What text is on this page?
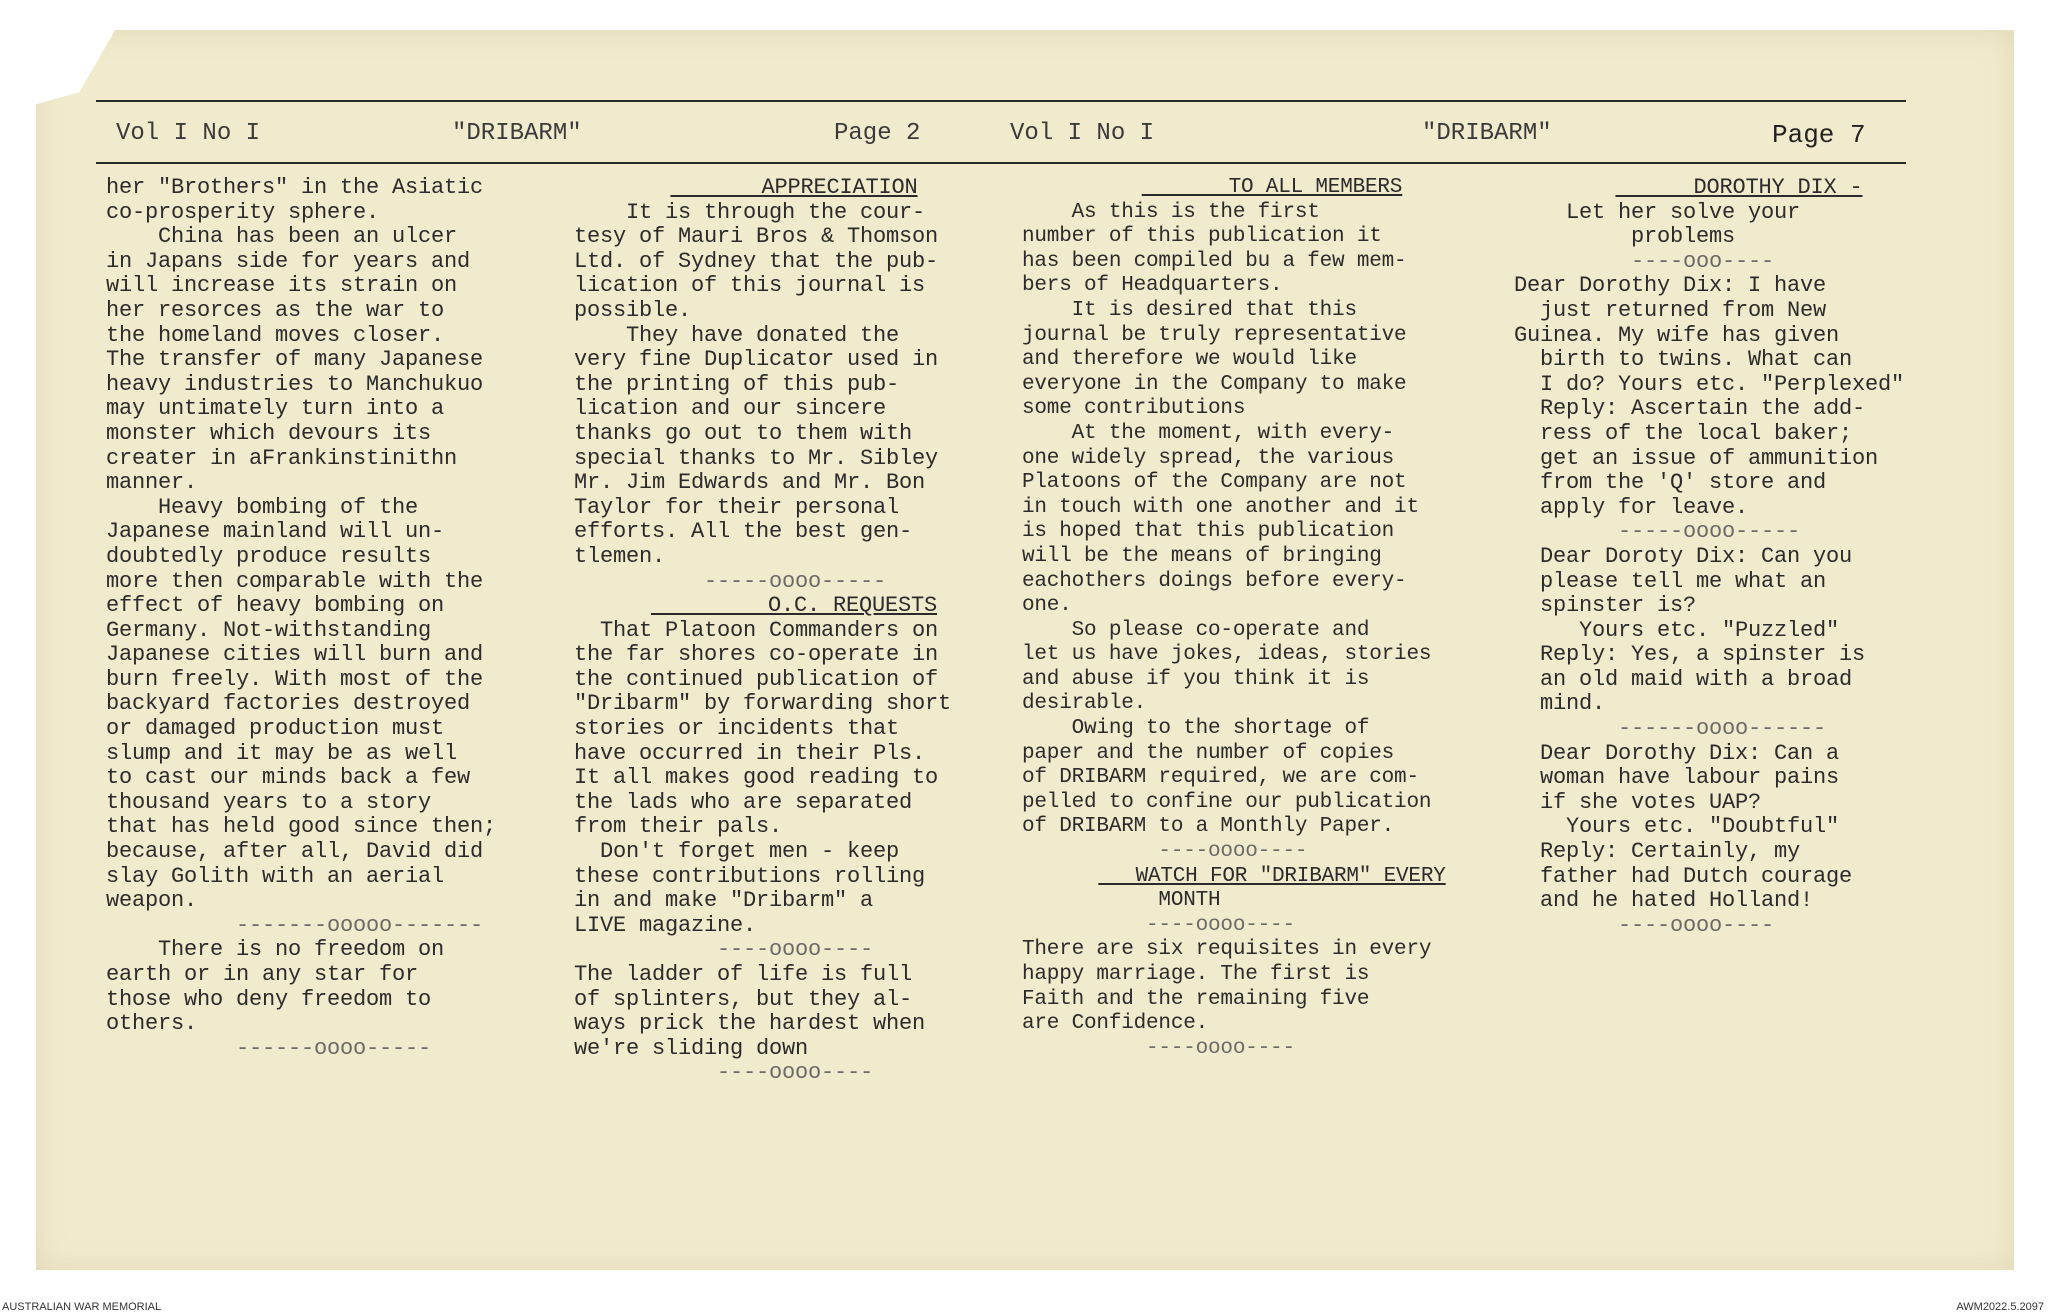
Vol I No I	"DRIBARM"	Page 2	Vol I No I	"DRIBARM"	Page 7

her "Brothers" in the Asiatic

co-prosperity sphere.

China has been an ulcer

in Japans side for years and

will increase its strain on

her resorces as the war to

the homeland moves closer.

The transfer of many Japanese

heavy industries to Manchukuo

may untimately turn into a

monster which devours its

creater in aFrankinstinithn

manner.

Heavy bombing of the

Japanese mainland will un-

doubtedly produce results

more then comparable with the

effect of heavy bombing on

Germany. Not-withstanding

Japanese cities will burn and

burn freely. With most of the

backyard factories destroyed

or damaged production must

slump and it may be as well

to cast our minds back a few

thousand years to a story

that has held good since then;

because, after all, David did

slay Golith with an aerial

weapon.

-------ooooo-------

There is no freedom on

earth or in any star for

those who deny freedom to

others.

------oooo-----

APPRECIATION

It is through the cour-

tesy of Mauri Bros & Thomson

Ltd. of Sydney that the pub-

lication of this journal is

possible.

They have donated the

very fine Duplicator used in

the printing of this pub-

lication and our sincere

thanks go out to them with

special thanks to Mr. Sibley

Mr. Jim Edwards and Mr. Bon

Taylor for their personal

efforts. All the best gen-

tlemen.

-----oooo-----

O.C. REQUESTS

That Platoon Commanders on

the far shores co-operate in

the continued publication of

"Dribarm" by forwarding short

stories or incidents that

have occurred in their Pls.

It all makes good reading to

the lads who are separated

from their pals.

Don't forget men - keep

these contributions rolling

in and make "Dribarm" a

LIVE magazine.

----oooo----

The ladder of life is full

of splinters, but they al-

ways prick the hardest when

we're sliding down

----oooo----

TO ALL MEMBERS

As this is the first

number of this publication it

has been compiled bu a few mem-

bers of Headquarters.

It is desired that this

journal be truly representative

and therefore we would like

everyone in the Company to make

some contributions

At the moment, with every-

one widely spread, the various

Platoons of the Company are not

in touch with one another and it

is hoped that this publication

will be the means of bringing

eachothers doings before every-

one.

So please co-operate and

let us have jokes, ideas, stories

and abuse if you think it is

desirable.

Owing to the shortage of

paper and the number of copies

of DRIBARM required, we are com-

pelled to confine our publication

of DRIBARM to a Monthly Paper.

----oooo----

WATCH FOR "DRIBARM" EVERY

MONTH

----oooo----

There are six requisites in every

happy marriage. The first is

Faith and the remaining five

are Confidence.

----oooo----

DOROTHY DIX -

Let her solve your

problems

----ooo----

Dear Dorothy Dix: I have

just returned from New

Guinea. My wife has given

birth to twins. What can

I do? Yours etc. "Perplexed"

Reply: Ascertain the add-

ress of the local baker;

get an issue of ammunition

from the 'Q' store and

apply for leave.

-----oooo-----

Dear Doroty Dix: Can you

please tell me what an

spinster is?

Yours etc. "Puzzled"

Reply: Yes, a spinster is

an old maid with a broad

mind.

------oooo------

Dear Dorothy Dix: Can a

woman have labour pains

if she votes UAP?

Yours etc. "Doubtful"

Reply: Certainly, my

father had Dutch courage

and he hated Holland!

----oooo----

AUSTRALIAN WAR MEMORIAL	AWM2022.5.2097
